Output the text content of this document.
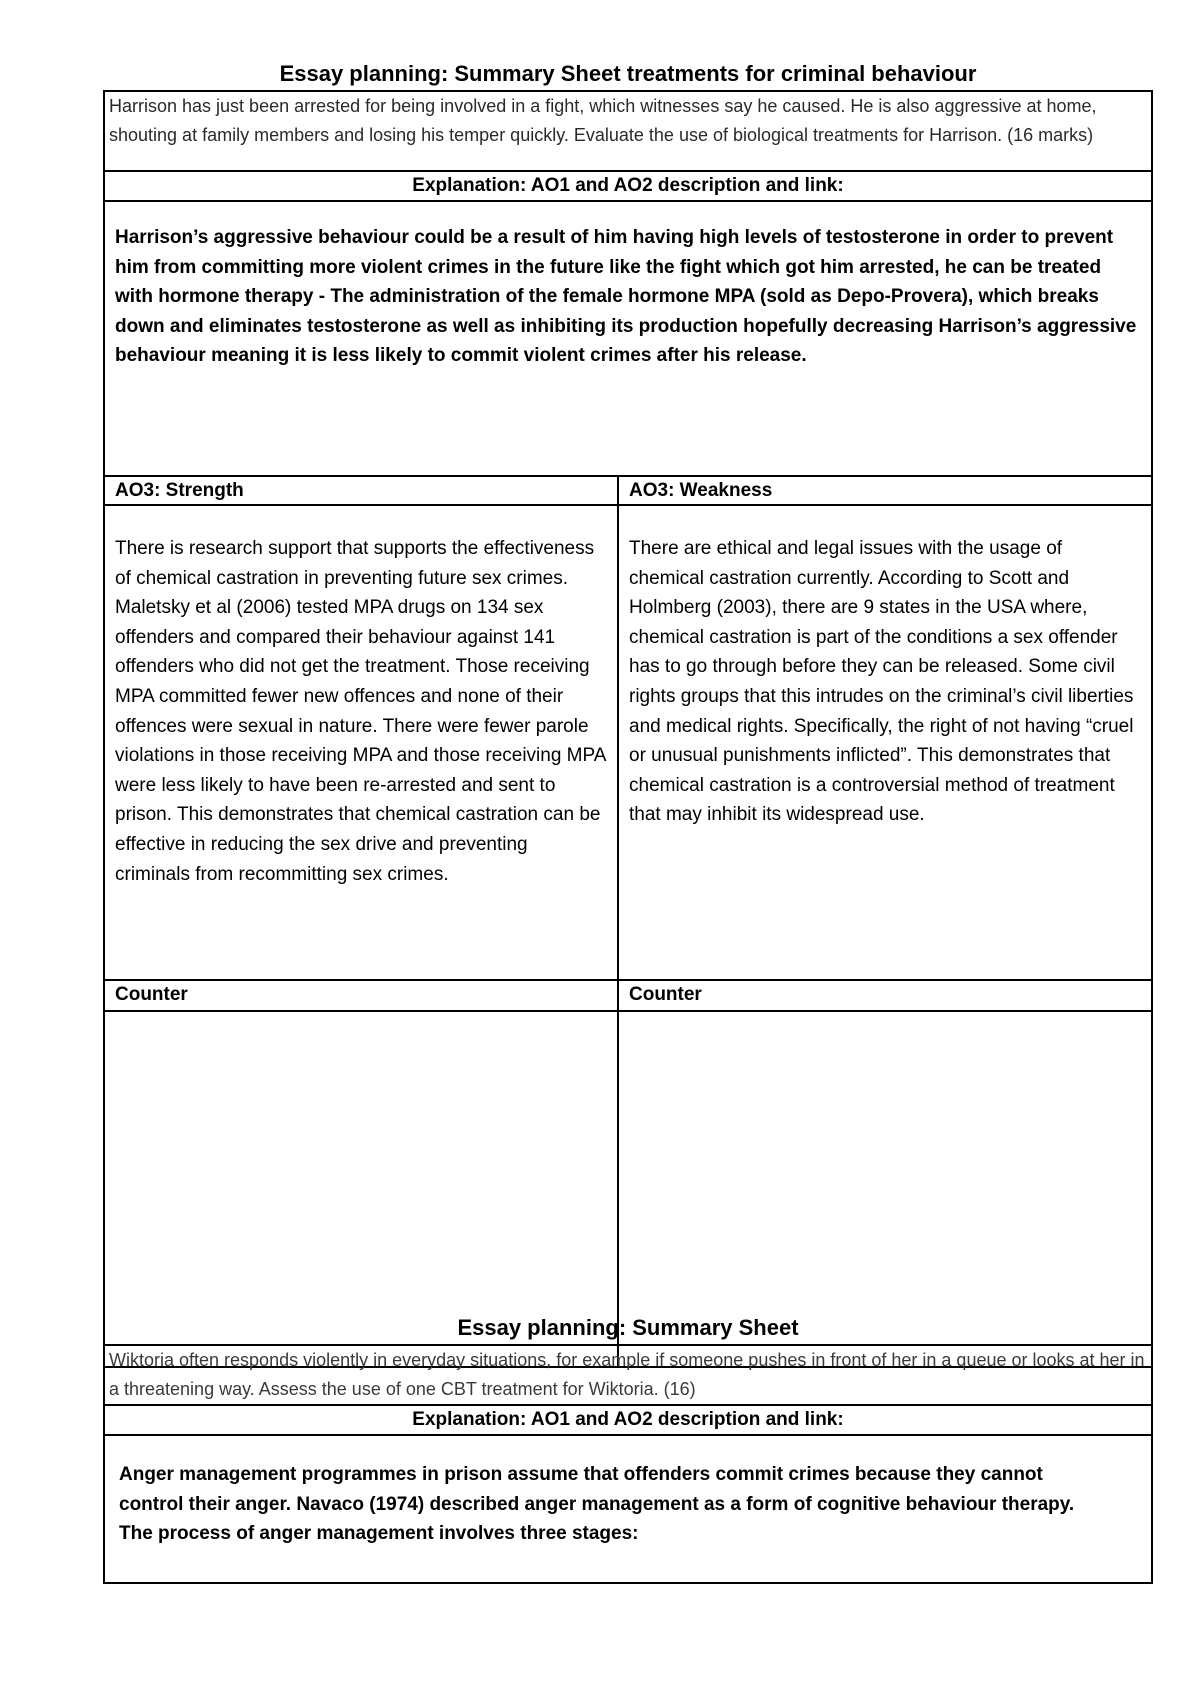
Essay planning: Summary Sheet treatments for criminal behaviour
Harrison has just been arrested for being involved in a fight, which witnesses say he caused. He is also aggressive at home, shouting at family members and losing his temper quickly. Evaluate the use of biological treatments for Harrison. (16 marks)
Explanation: AO1 and AO2 description and link:
Harrison’s aggressive behaviour could be a result of him having high levels of testosterone in order to prevent him from committing more violent crimes in the future like the fight which got him arrested, he can be treated with hormone therapy - The administration of the female hormone MPA (sold as Depo-Provera), which breaks down and eliminates testosterone as well as inhibiting its production hopefully decreasing Harrison’s aggressive behaviour meaning it is less likely to commit violent crimes after his release.
AO3: Strength	AO3: Weakness
There is research support that supports the effectiveness of chemical castration in preventing future sex crimes. Maletsky et al (2006) tested MPA drugs on 134 sex offenders and compared their behaviour against 141 offenders who did not get the treatment. Those receiving MPA committed fewer new offences and none of their offences were sexual in nature. There were fewer parole violations in those receiving MPA and those receiving MPA were less likely to have been re-arrested and sent to prison. This demonstrates that chemical castration can be effective in reducing the sex drive and preventing criminals from recommitting sex crimes.
There are ethical and legal issues with the usage of chemical castration currently. According to Scott and Holmberg (2003), there are 9 states in the USA where, chemical castration is part of the conditions a sex offender has to go through before they can be released. Some civil rights groups that this intrudes on the criminal’s civil liberties and medical rights. Specifically, the right of not having “cruel or unusual punishments inflicted”. This demonstrates that chemical castration is a controversial method of treatment that may inhibit its widespread use.
Counter	Counter
Essay planning: Summary Sheet
Wiktoria often responds violently in everyday situations, for example if someone pushes in front of her in a queue or looks at her in a threatening way. Assess the use of one CBT treatment for Wiktoria. (16)
Explanation: AO1 and AO2 description and link:
Anger management programmes in prison assume that offenders commit crimes because they cannot control their anger. Navaco (1974) described anger management as a form of cognitive behaviour therapy. The process of anger management involves three stages:
